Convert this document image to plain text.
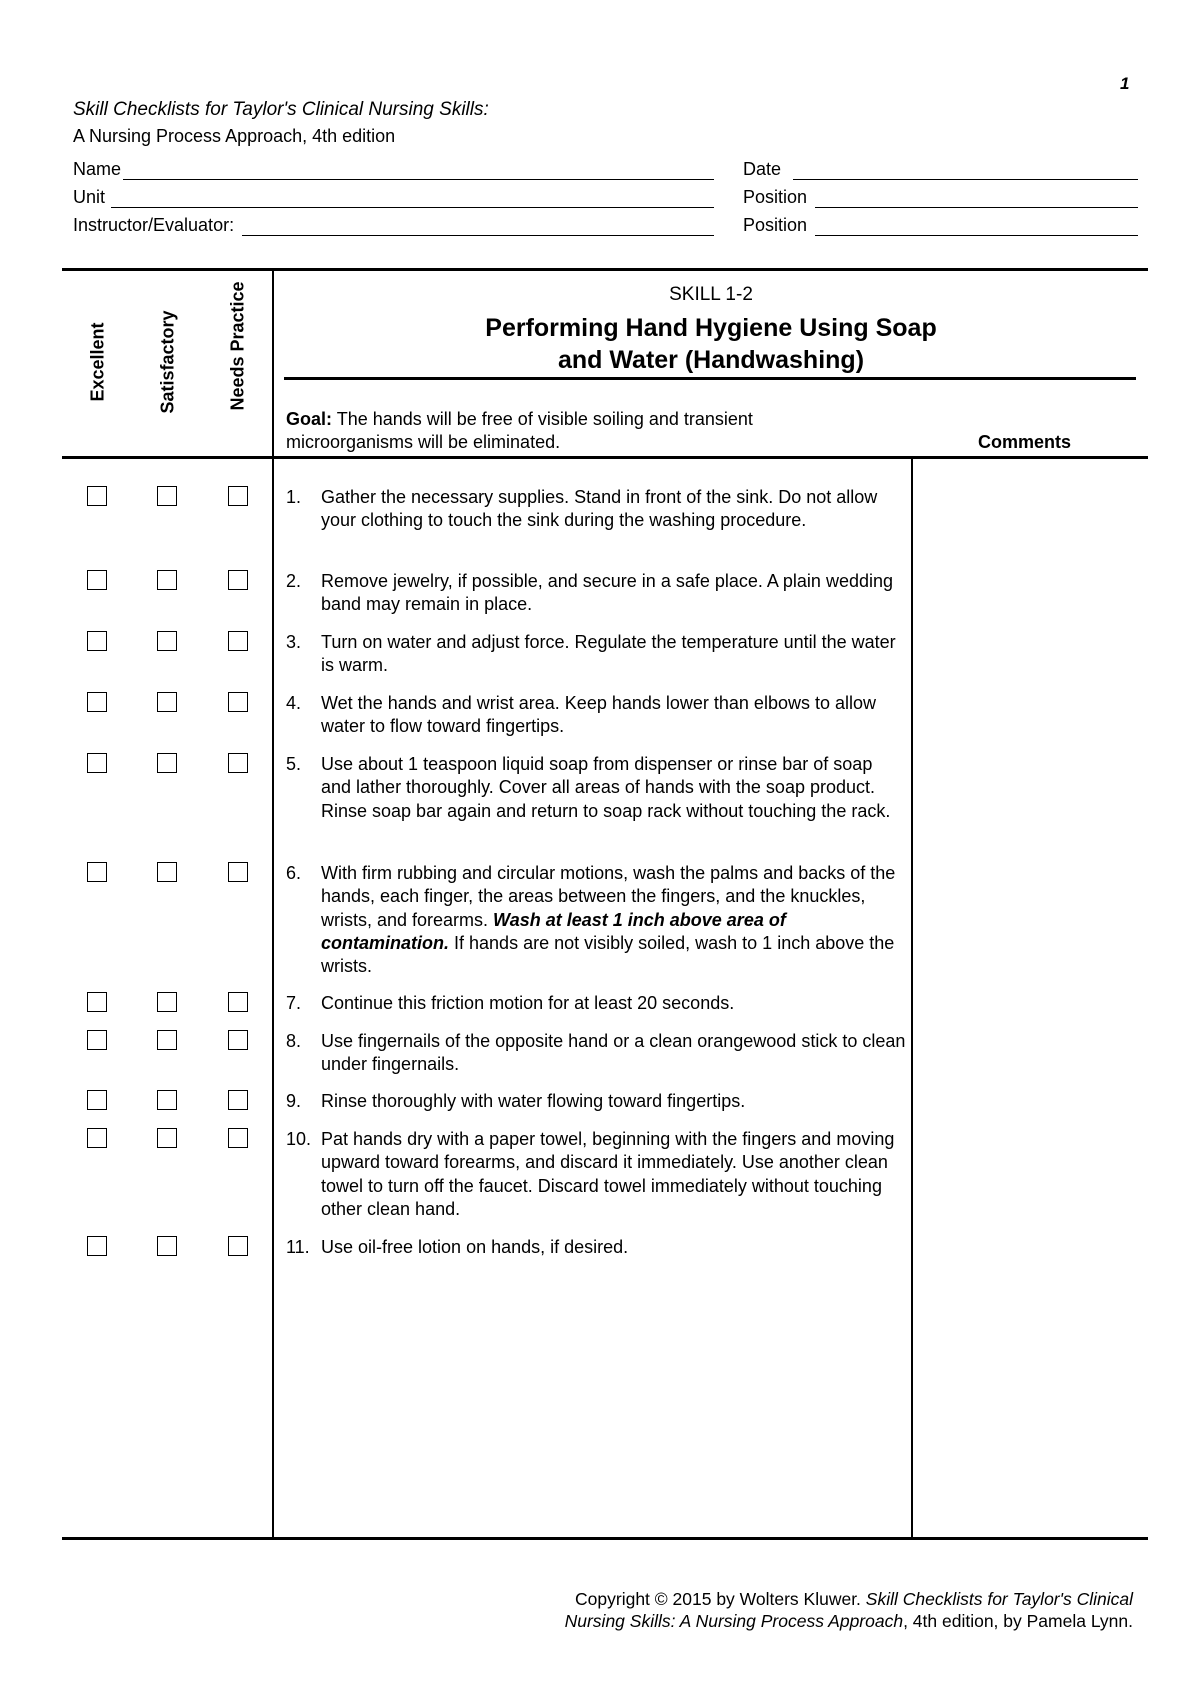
1
Skill Checklists for Taylor's Clinical Nursing Skills:
A Nursing Process Approach, 4th edition
Name
Unit
Instructor/Evaluator:
Date
Position
Position
Excellent	Satisfactory	Needs Practice	SKILL 1-2
Performing Hand Hygiene Using Soap
and Water (Handwashing)
Goal: The hands will be free of visible soiling and transient microorganisms will be eliminated.	Comments
1. Gather the necessary supplies. Stand in front of the sink. Do not allow your clothing to touch the sink during the washing procedure.
2. Remove jewelry, if possible, and secure in a safe place. A plain wedding band may remain in place.
3. Turn on water and adjust force. Regulate the temperature until the water is warm.
4. Wet the hands and wrist area. Keep hands lower than elbows to allow water to flow toward fingertips.
5. Use about 1 teaspoon liquid soap from dispenser or rinse bar of soap and lather thoroughly. Cover all areas of hands with the soap product. Rinse soap bar again and return to soap rack without touching the rack.
6. With firm rubbing and circular motions, wash the palms and backs of the hands, each finger, the areas between the fingers, and the knuckles, wrists, and forearms. Wash at least 1 inch above area of contamination. If hands are not visibly soiled, wash to 1 inch above the wrists.
7. Continue this friction motion for at least 20 seconds.
8. Use fingernails of the opposite hand or a clean orangewood stick to clean under fingernails.
9. Rinse thoroughly with water flowing toward fingertips.
10. Pat hands dry with a paper towel, beginning with the fingers and moving upward toward forearms, and discard it immediately. Use another clean towel to turn off the faucet. Discard towel immediately without touching other clean hand.
11. Use oil-free lotion on hands, if desired.
Copyright © 2015 by Wolters Kluwer. Skill Checklists for Taylor's Clinical
Nursing Skills: A Nursing Process Approach, 4th edition, by Pamela Lynn.
